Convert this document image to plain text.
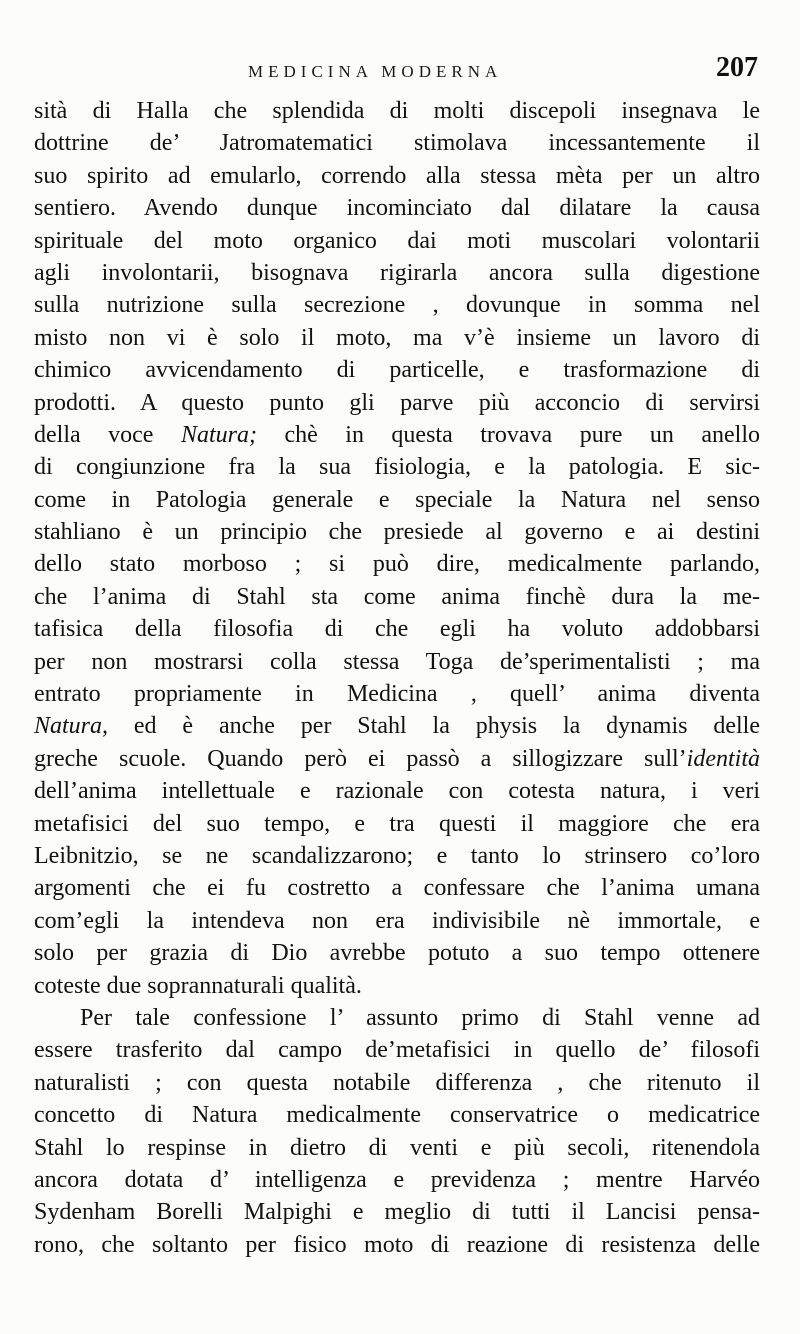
MEDICINA MODERNA	207
sità di Halla che splendida di molti discepoli insegnava le
dottrine de’ Jatromatematici stimolava incessantemente il
suo spirito ad emularlo, correndo alla stessa mèta per un altro
sentiero. Avendo dunque incominciato dal dilatare la causa
spirituale del moto organico dai moti muscolari volontarii
agli involontarii, bisognava rigirarla ancora sulla digestione
sulla nutrizione sulla secrezione , dovunque in somma nel
misto non vi è solo il moto, ma v’è insieme un lavoro di
chimico avvicendamento di particelle, e trasformazione di
prodotti. A questo punto gli parve più acconcio di servirsi
della voce Natura; chè in questa trovava pure un anello
di congiunzione fra la sua fisiologia, e la patologia. E sic-
come in Patologia generale e speciale la Natura nel senso
stahliano è un principio che presiede al governo e ai destini
dello stato morboso ; si può dire, medicalmente parlando,
che l’anima di Stahl sta come anima finchè dura la me-
tafisica della filosofia di che egli ha voluto addobbarsi
per non mostrarsi colla stessa Toga de’sperimentalisti ; ma
entrato propriamente in Medicina , quell’ anima diventa
Natura, ed è anche per Stahl la physis la dynamis delle
greche scuole. Quando però ei passò a sillogizzare sull’identità
dell’anima intellettuale e razionale con cotesta natura, i veri
metafisici del suo tempo, e tra questi il maggiore che era
Leibnitzio, se ne scandalizzarono; e tanto lo strinsero co’loro
argomenti che ei fu costretto a confessare che l’anima umana
com’egli la intendeva non era indivisibile nè immortale, e
solo per grazia di Dio avrebbe potuto a suo tempo ottenere
coteste due soprannaturali qualità.
Per tale confessione l’ assunto primo di Stahl venne ad
essere trasferito dal campo de’metafisici in quello de’ filosofi
naturalisti ; con questa notabile differenza , che ritenuto il
concetto di Natura medicalmente conservatrice o medicatrice
Stahl lo respinse in dietro di venti e più secoli, ritenendola
ancora dotata d’ intelligenza e previdenza ; mentre Harvéo
Sydenham Borelli Malpighi e meglio di tutti il Lancisi pensa-
rono, che soltanto per fisico moto di reazione di resistenza delle
